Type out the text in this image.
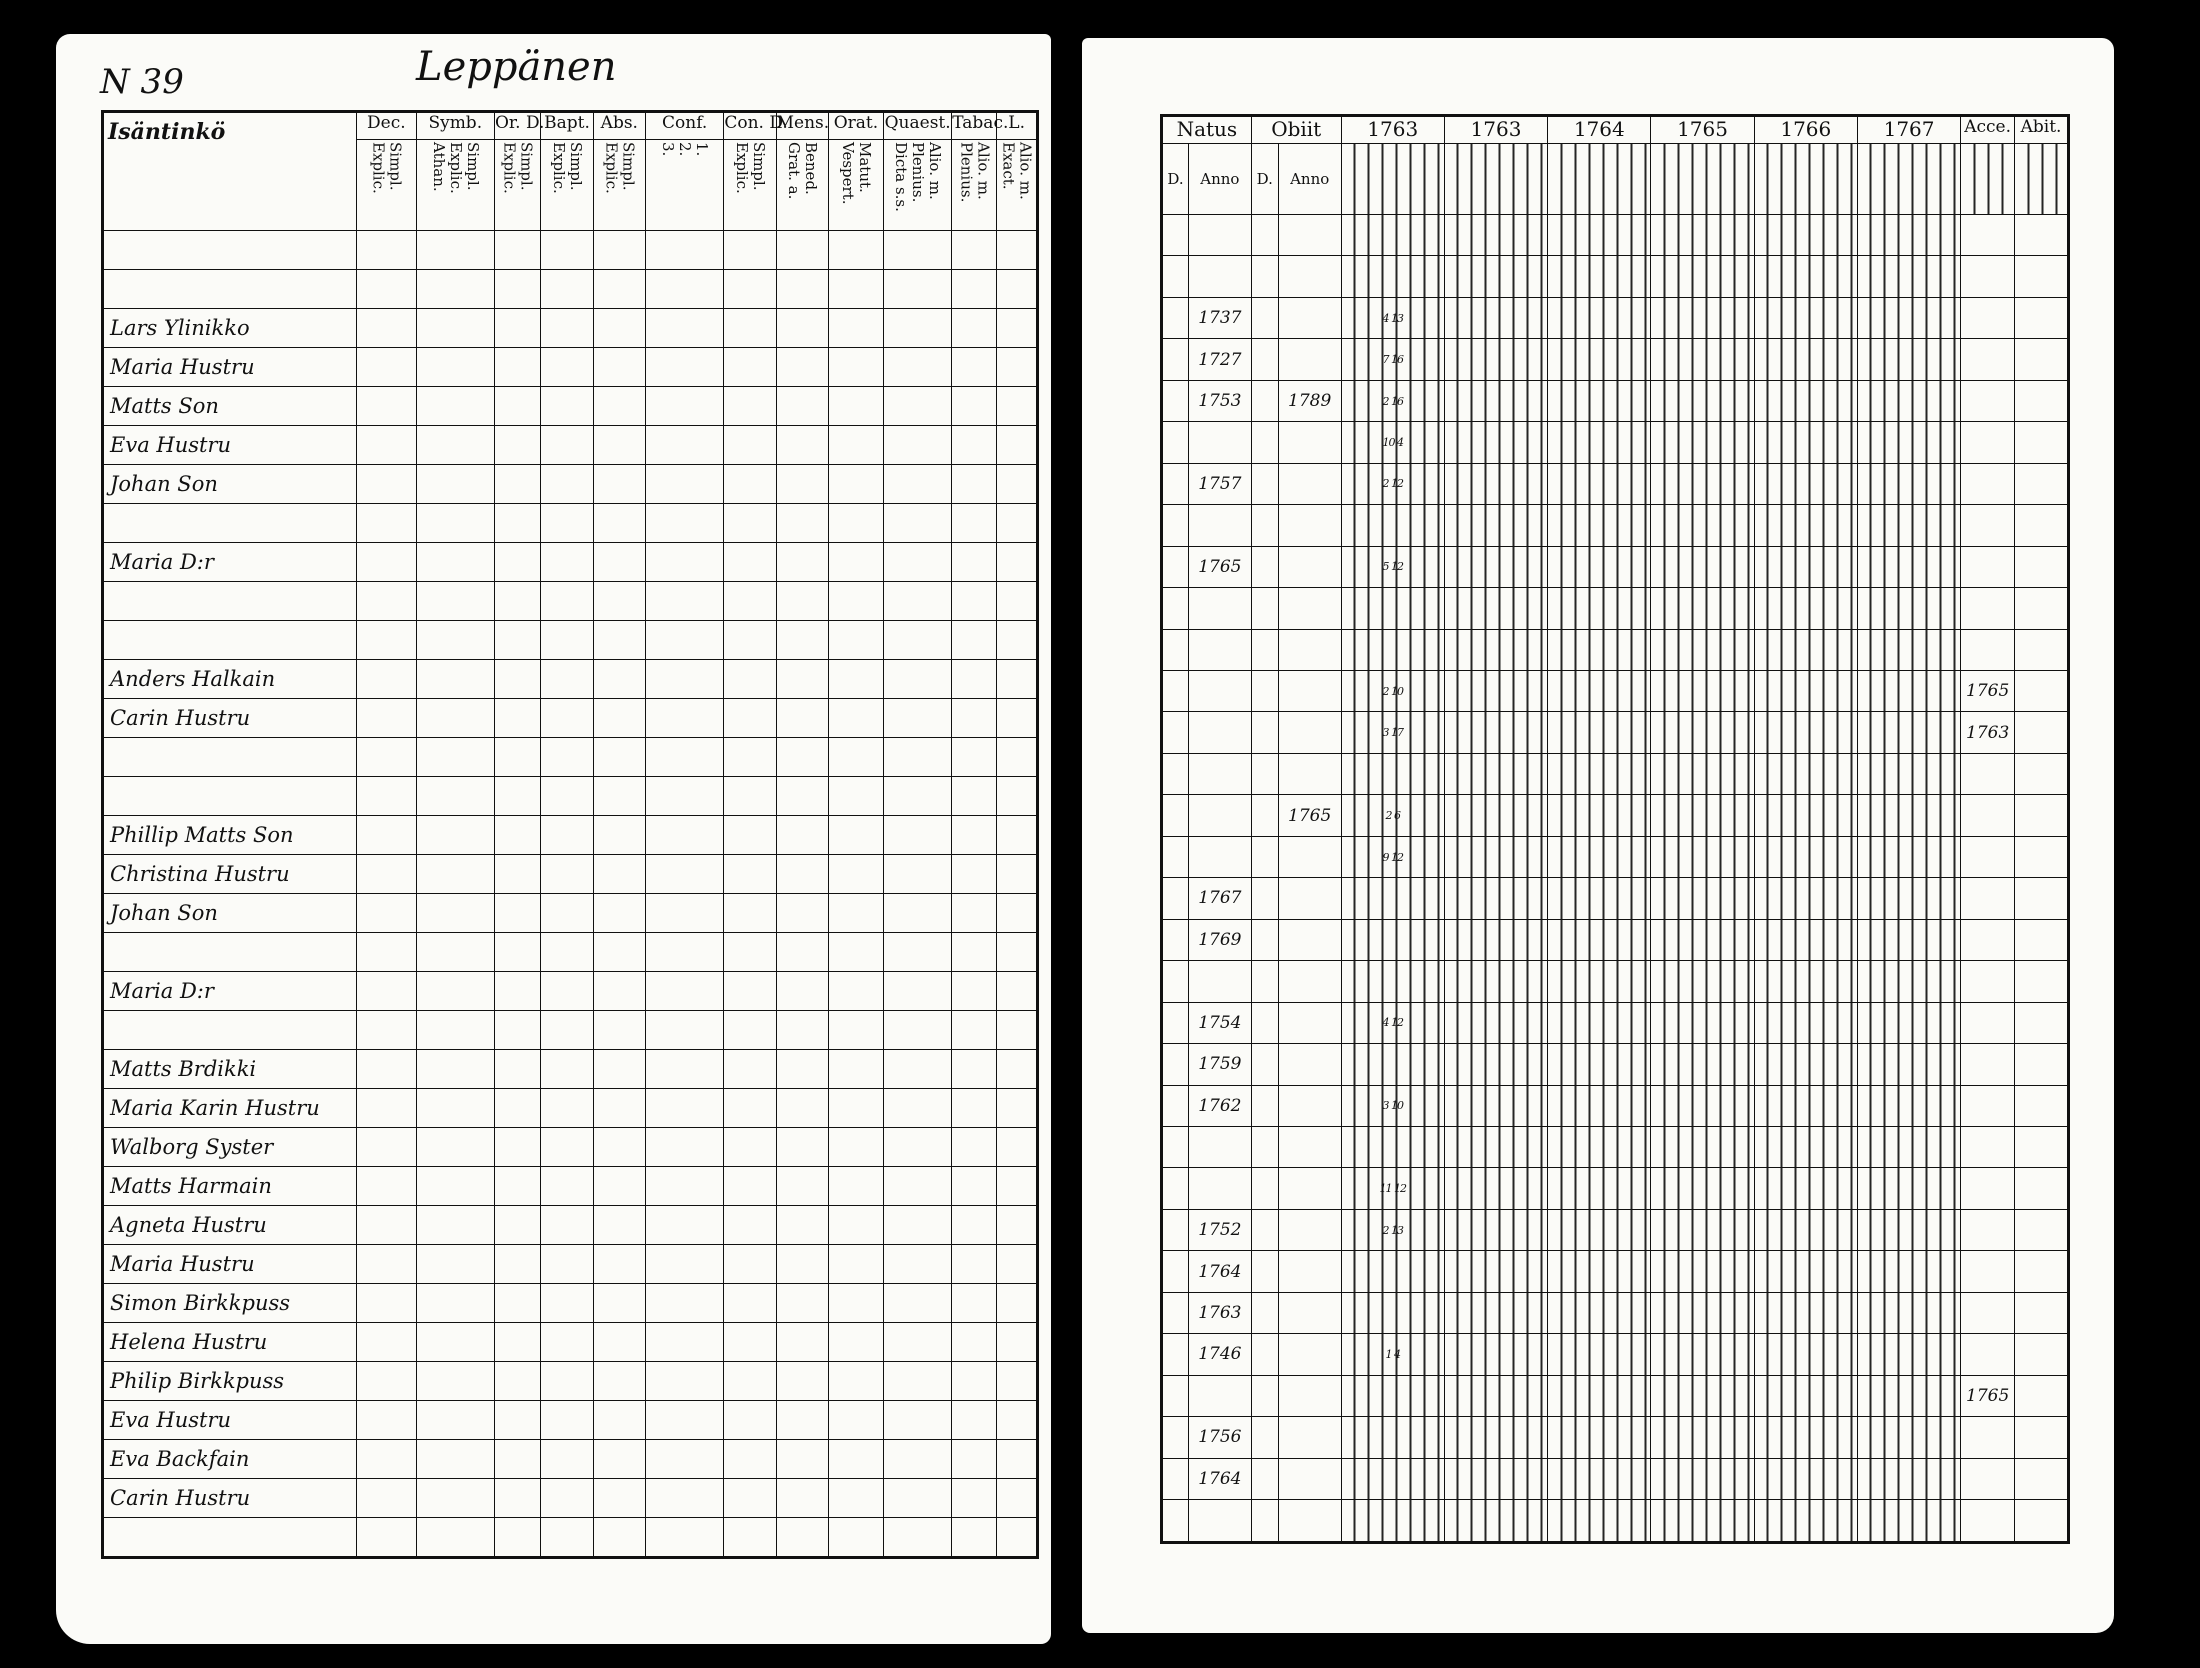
N 39	Leppänen
Isäntinkö	Dec.	Symb.	Or. D.	Bapt.	Abs.	Conf.	Con. D.	Mens.	Orat.	Quaest.	Tabac.	L.

	Explic. Simpl.	Athan. Explic. Simpl.	Explic. Simpl.	Explic. Simpl.	Explic. Simpl.	3. 2. 1.	Explic. Simpl.	Grat. a. Bened.	Vespert. Matut.	Dicta s.s. Plenius. Alio. m.	Plenius. Alio. m.	Exact. Alio. m.

Lars Ylinikko												
Maria Hustru												
Matts Son												
Eva Hustru												
Johan Son												

Maria D:r												

Anders Halkain												
Carin Hustru												

Phillip Matts Son												
Christina Hustru												
Johan Son												

Maria D:r												

Matts Brdikki												
Maria Karin Hustru												
Walborg Syster												
Matts Harmain												
Agneta Hustru												
Maria Hustru												
Simon Birkkpuss												
Helena Hustru												
Philip Birkkpuss												
Eva Hustru												
Eva Backfain												
Carin Hustru												

Natus		Obiit		1763	1763	1764	1765	1766	1767	Acce.	Abit.
D.	Anno	D.	Anno								

	1737			4 13							
	1727			7 16							
	1753		1789	2 16							
				10 4							
	1757			2 12							

	1765			5 12							

				2 10						1765	
				3 17						1763	

			1765	2 6							
				9 12							
	1767										
	1769										

	1754			4 12							
	1759										
	1762			3 10							

				11 12							
	1752			2 13							
	1764										
	1763										
	1746			1 4							
										1765	
	1756										
	1764										
